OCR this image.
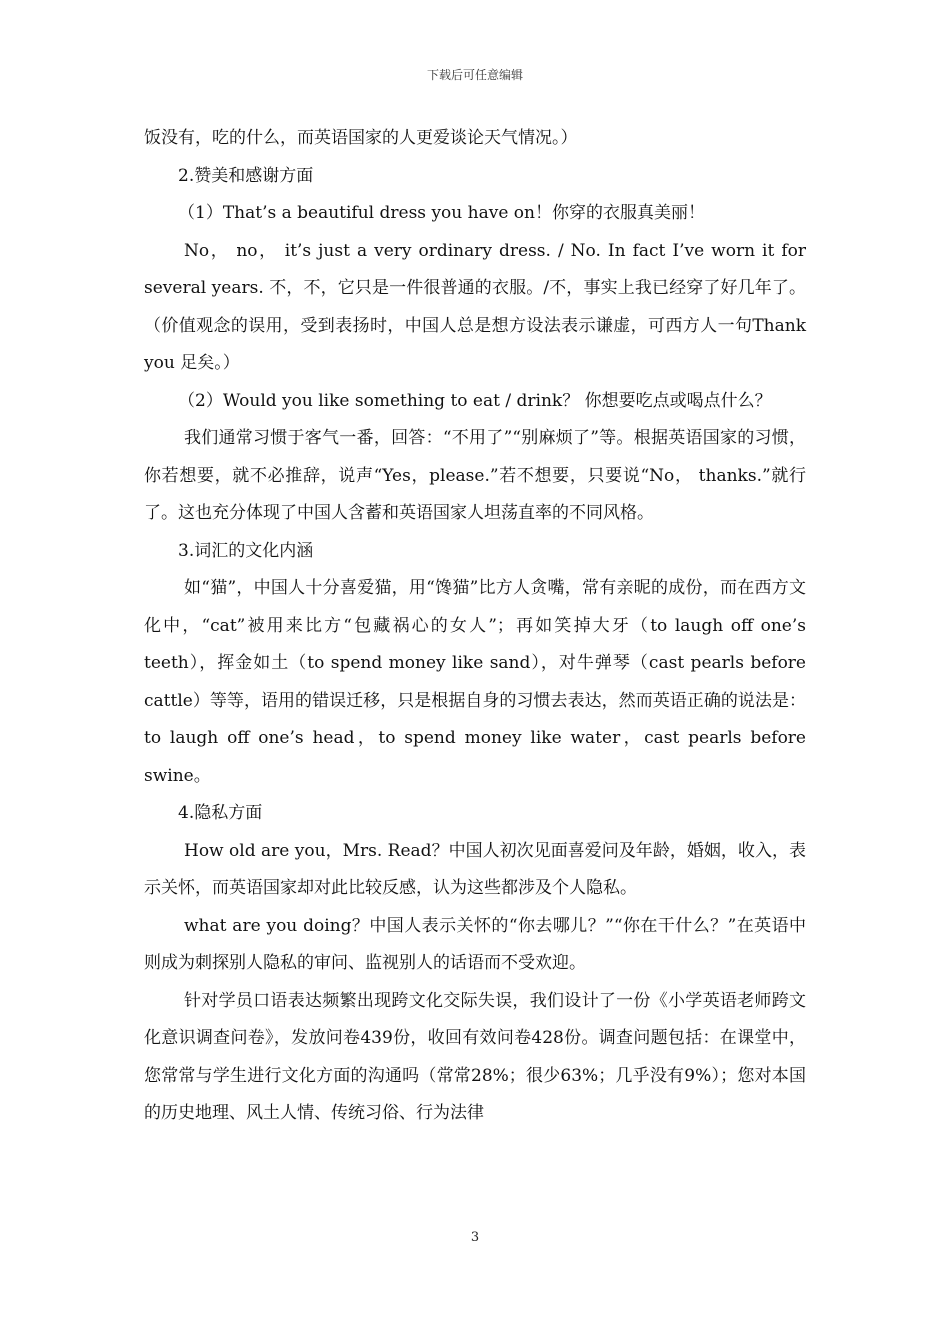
下载后可任意编辑

饭没有，吃的什么，而英语国家的人更爱谈论天气情况。）

2.赞美和感谢方面

（1）That’s a beautiful dress you have on！你穿的衣服真美丽！

No， no， it’s just a very ordinary dress. / No. In fact I’ve worn it for several years. 不，不，它只是一件很普通的衣服。/不，事实上我已经穿了好几年了。（价值观念的误用，受到表扬时，中国人总是想方设法表示谦虚，可西方人一句Thank you 足矣。）

（2）Would you like something to eat / drink？ 你想要吃点或喝点什么？

我们通常习惯于客气一番，回答：“不用了”“别麻烦了”等。根据英语国家的习惯，你若想要，就不必推辞，说声“Yes，please.”若不想要，只要说“No， thanks.”就行了。这也充分体现了中国人含蓄和英语国家人坦荡直率的不同风格。

3.词汇的文化内涵

如“猫”，中国人十分喜爱猫，用“馋猫”比方人贪嘴，常有亲昵的成份，而在西方文化中，“cat”被用来比方“包藏祸心的女人”；再如笑掉大牙（to laugh off one’s teeth），挥金如土（to spend money like sand），对牛弹琴（cast pearls before cattle）等等，语用的错误迁移，只是根据自身的习惯去表达，然而英语正确的说法是：to laugh off one’s head，to spend money like water，cast pearls before swine。

4.隐私方面

How old are you，Mrs. Read？中国人初次见面喜爱问及年龄，婚姻，收入，表示关怀，而英语国家却对此比较反感，认为这些都涉及个人隐私。

what are you doing？中国人表示关怀的“你去哪儿？”“你在干什么？”在英语中则成为刺探别人隐私的审问、监视别人的话语而不受欢迎。

针对学员口语表达频繁出现跨文化交际失误，我们设计了一份《小学英语老师跨文化意识调查问卷》，发放问卷439份，收回有效问卷428份。调查问题包括：在课堂中，您常常与学生进行文化方面的沟通吗（常常28%；很少63%；几乎没有9%）；您对本国的历史地理、风土人情、传统习俗、行为法律

3
